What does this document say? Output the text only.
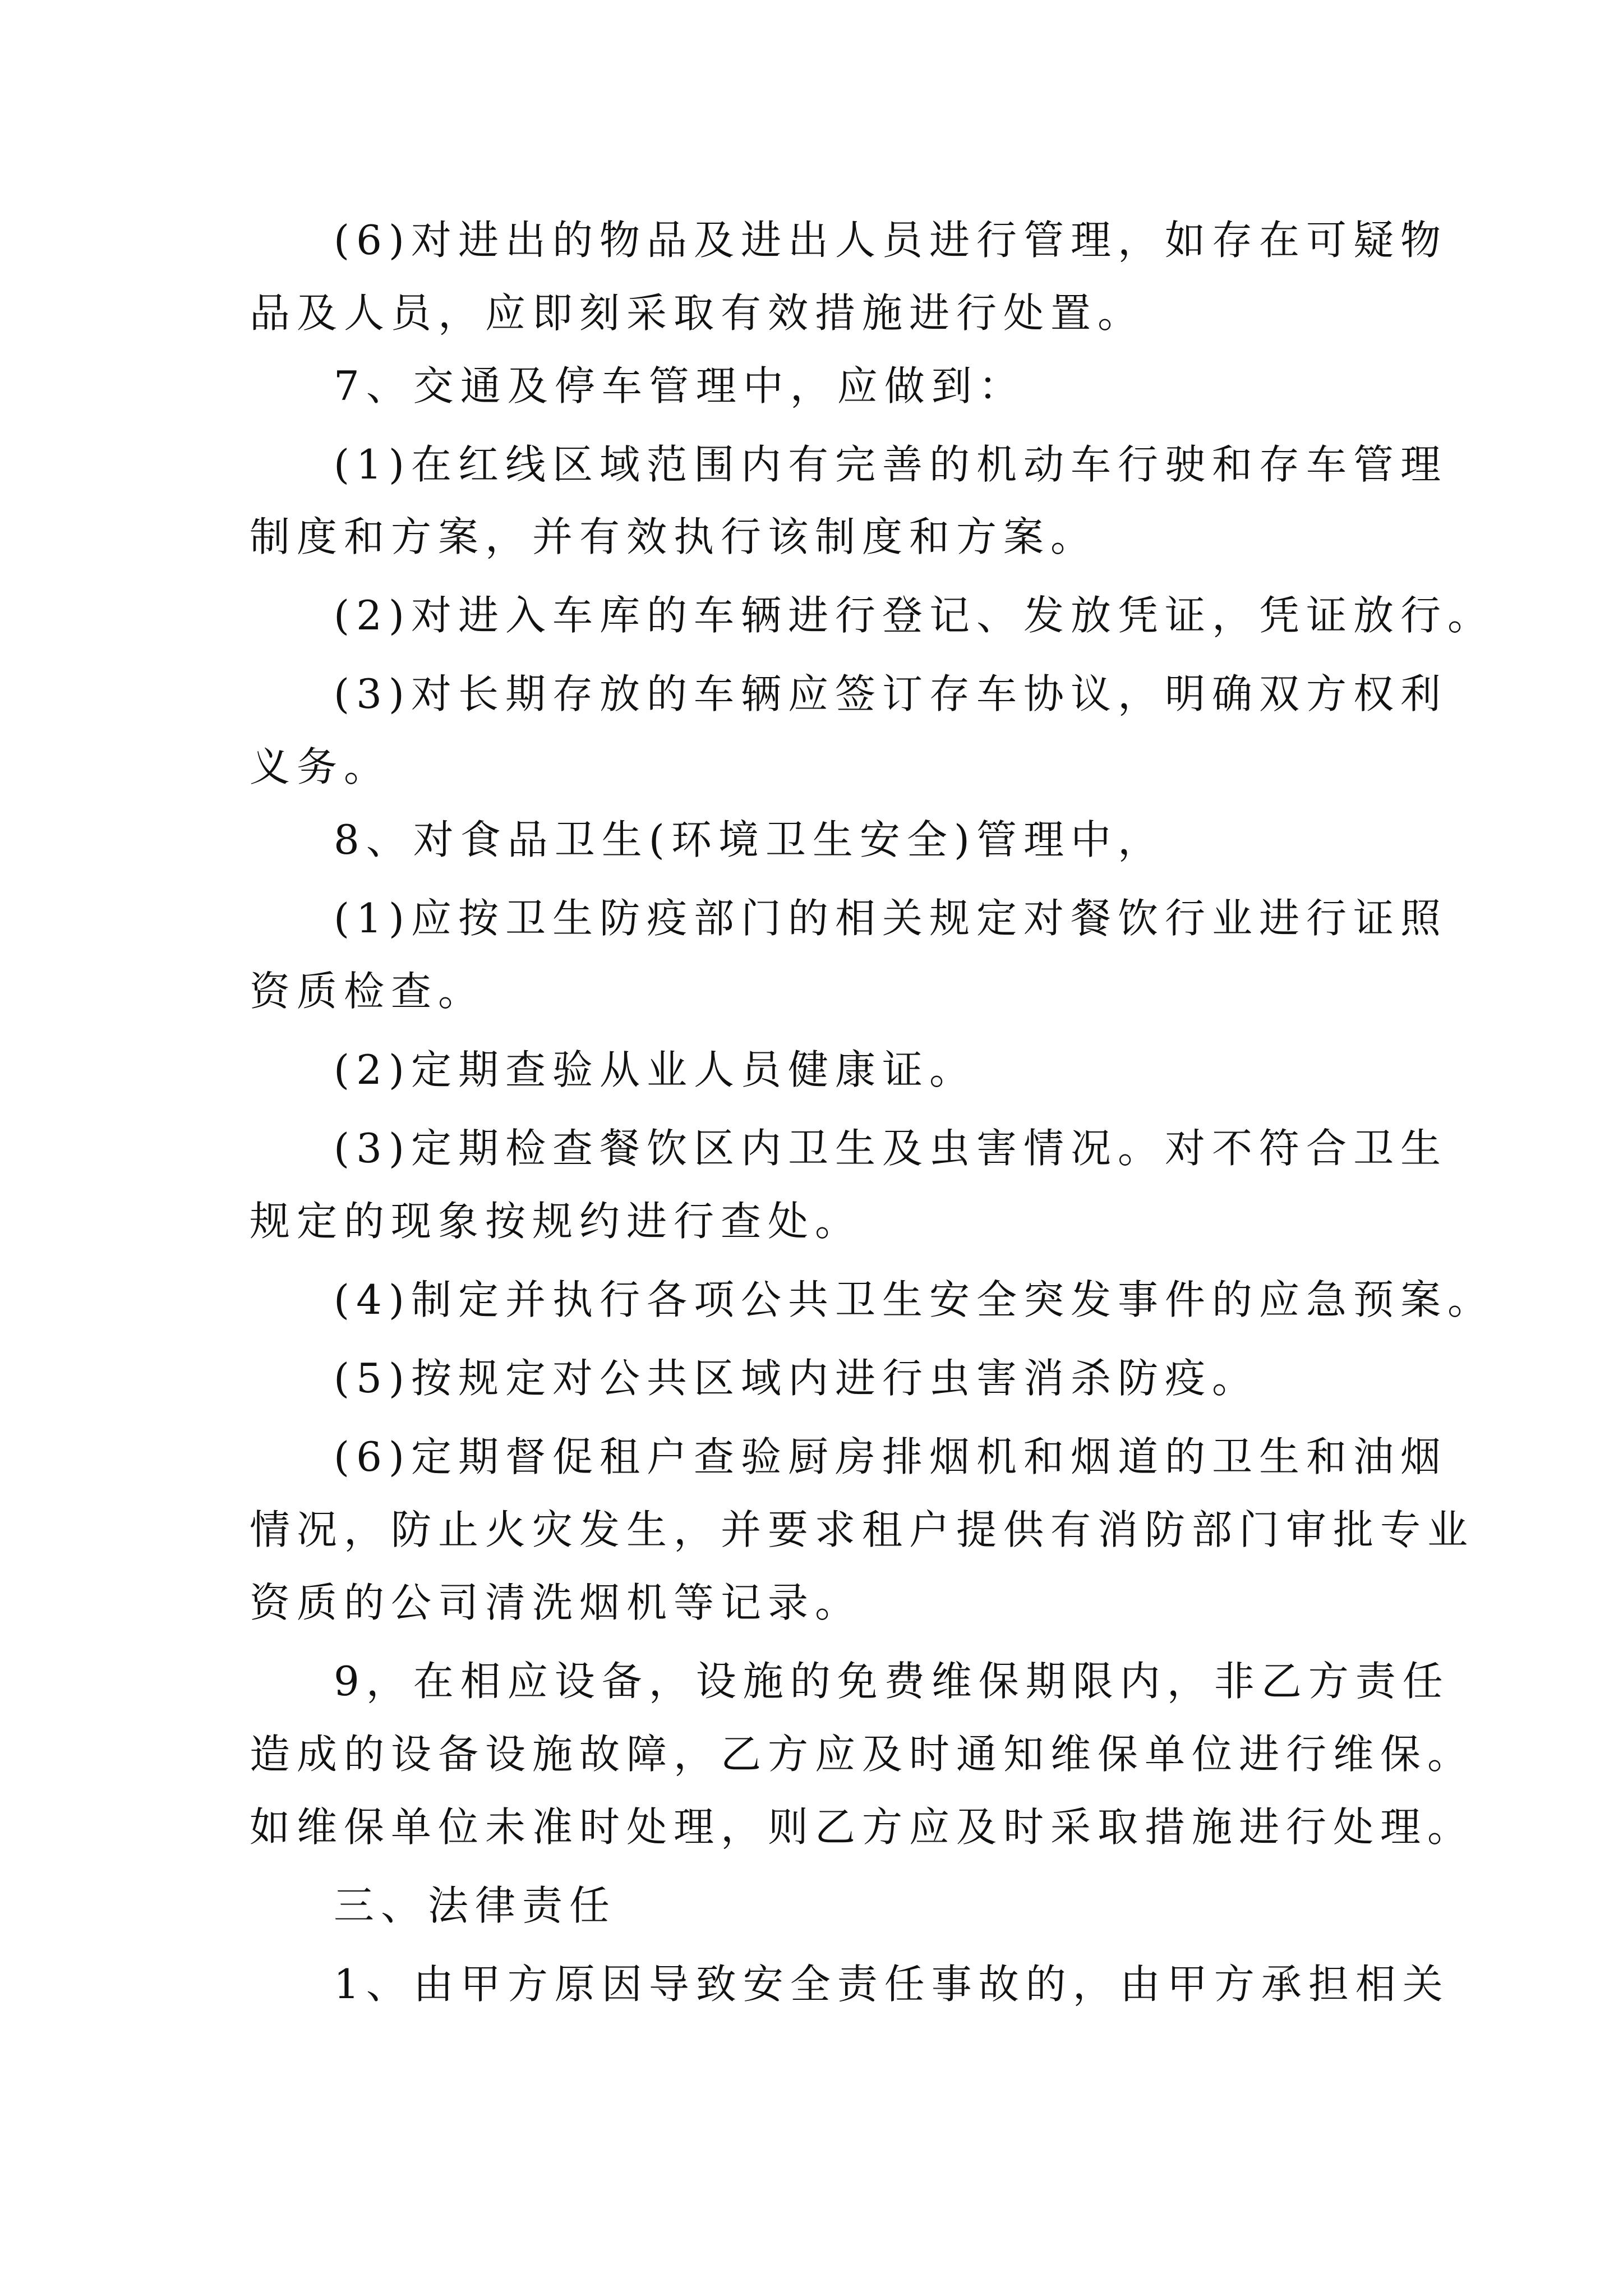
(6)对进出的物品及进出人员进行管理，如存在可疑物
品及人员，应即刻采取有效措施进行处置。
7、交通及停车管理中，应做到：
(1)在红线区域范围内有完善的机动车行驶和存车管理
制度和方案，并有效执行该制度和方案。
(2)对进入车库的车辆进行登记、发放凭证，凭证放行。
(3)对长期存放的车辆应签订存车协议，明确双方权利
义务。
8、对食品卫生(环境卫生安全)管理中，
(1)应按卫生防疫部门的相关规定对餐饮行业进行证照
资质检查。
(2)定期查验从业人员健康证。
(3)定期检查餐饮区内卫生及虫害情况。对不符合卫生
规定的现象按规约进行查处。
(4)制定并执行各项公共卫生安全突发事件的应急预案。
(5)按规定对公共区域内进行虫害消杀防疫。
(6)定期督促租户查验厨房排烟机和烟道的卫生和油烟
情况，防止火灾发生，并要求租户提供有消防部门审批专业
资质的公司清洗烟机等记录。
9，在相应设备，设施的免费维保期限内，非乙方责任
造成的设备设施故障，乙方应及时通知维保单位进行维保。
如维保单位未准时处理，则乙方应及时采取措施进行处理。
三、法律责任
1、由甲方原因导致安全责任事故的，由甲方承担相关
